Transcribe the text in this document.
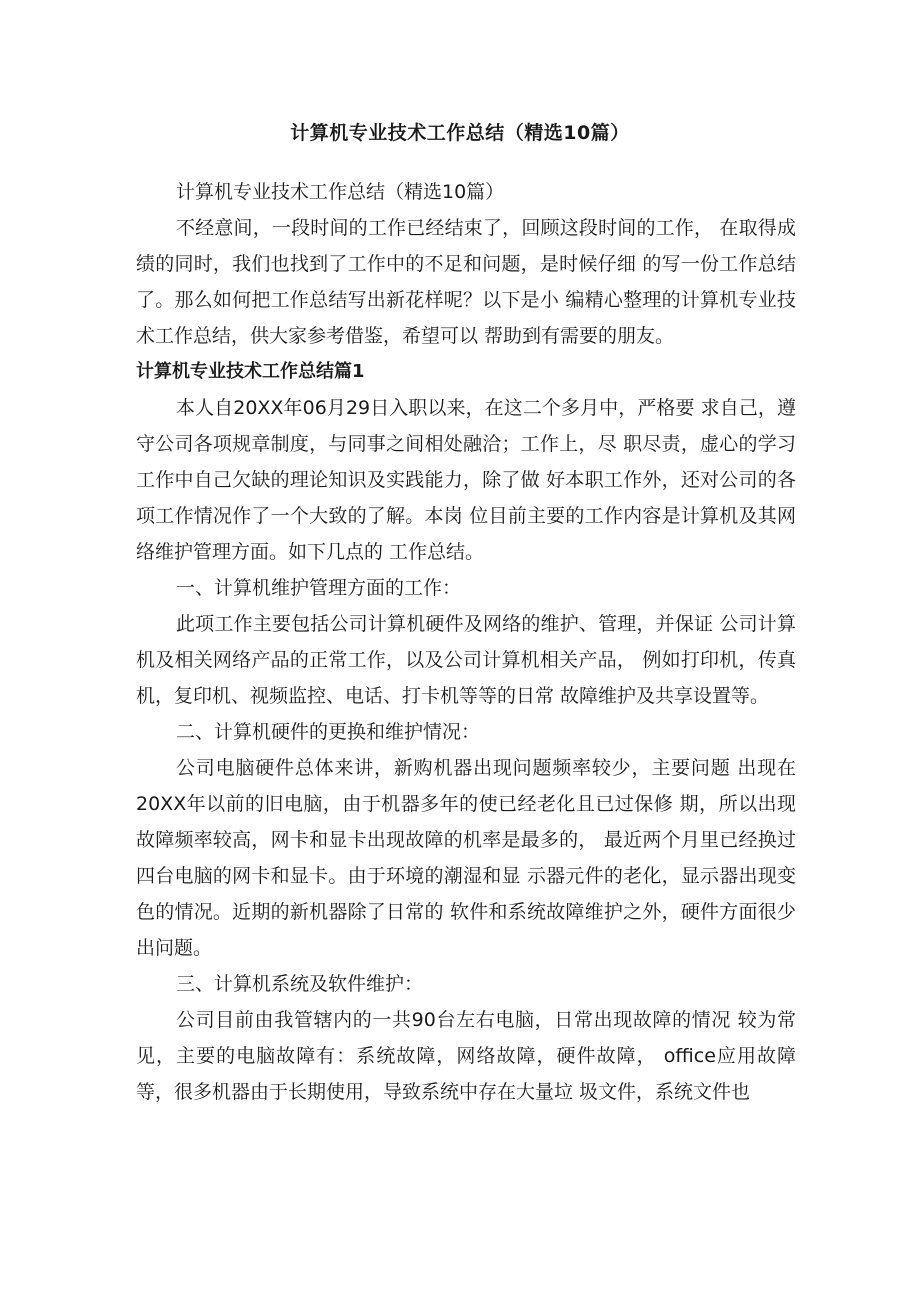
计算机专业技术工作总结（精选10篇）

计算机专业技术工作总结（精选10篇）

不经意间，一段时间的工作已经结束了，回顾这段时间的工作， 在取得成绩的同时，我们也找到了工作中的不足和问题，是时候仔细 的写一份工作总结了。那么如何把工作总结写出新花样呢？以下是小 编精心整理的计算机专业技术工作总结，供大家参考借鉴，希望可以 帮助到有需要的朋友。

计算机专业技术工作总结篇1

本人自20XX年06月29日入职以来，在这二个多月中，严格要 求自己，遵守公司各项规章制度，与同事之间相处融洽；工作上，尽 职尽责，虚心的学习工作中自己欠缺的理论知识及实践能力，除了做 好本职工作外，还对公司的各项工作情况作了一个大致的了解。本岗 位目前主要的工作内容是计算机及其网络维护管理方面。如下几点的 工作总结。

一、计算机维护管理方面的工作：

此项工作主要包括公司计算机硬件及网络的维护、管理，并保证 公司计算机及相关网络产品的正常工作，以及公司计算机相关产品， 例如打印机，传真机，复印机、视频监控、电话、打卡机等等的日常 故障维护及共享设置等。

二、计算机硬件的更换和维护情况：

公司电脑硬件总体来讲，新购机器出现问题频率较少，主要问题 出现在20XX年以前的旧电脑，由于机器多年的使已经老化且已过保修 期，所以出现故障频率较高，网卡和显卡出现故障的机率是最多的， 最近两个月里已经换过四台电脑的网卡和显卡。由于环境的潮湿和显 示器元件的老化，显示器出现变色的情况。近期的新机器除了日常的 软件和系统故障维护之外，硬件方面很少出问题。

三、计算机系统及软件维护：

公司目前由我管辖内的一共90台左右电脑，日常出现故障的情况 较为常见，主要的电脑故障有：系统故障，网络故障，硬件故障， office应用故障等，很多机器由于长期使用，导致系统中存在大量垃 圾文件，系统文件也
